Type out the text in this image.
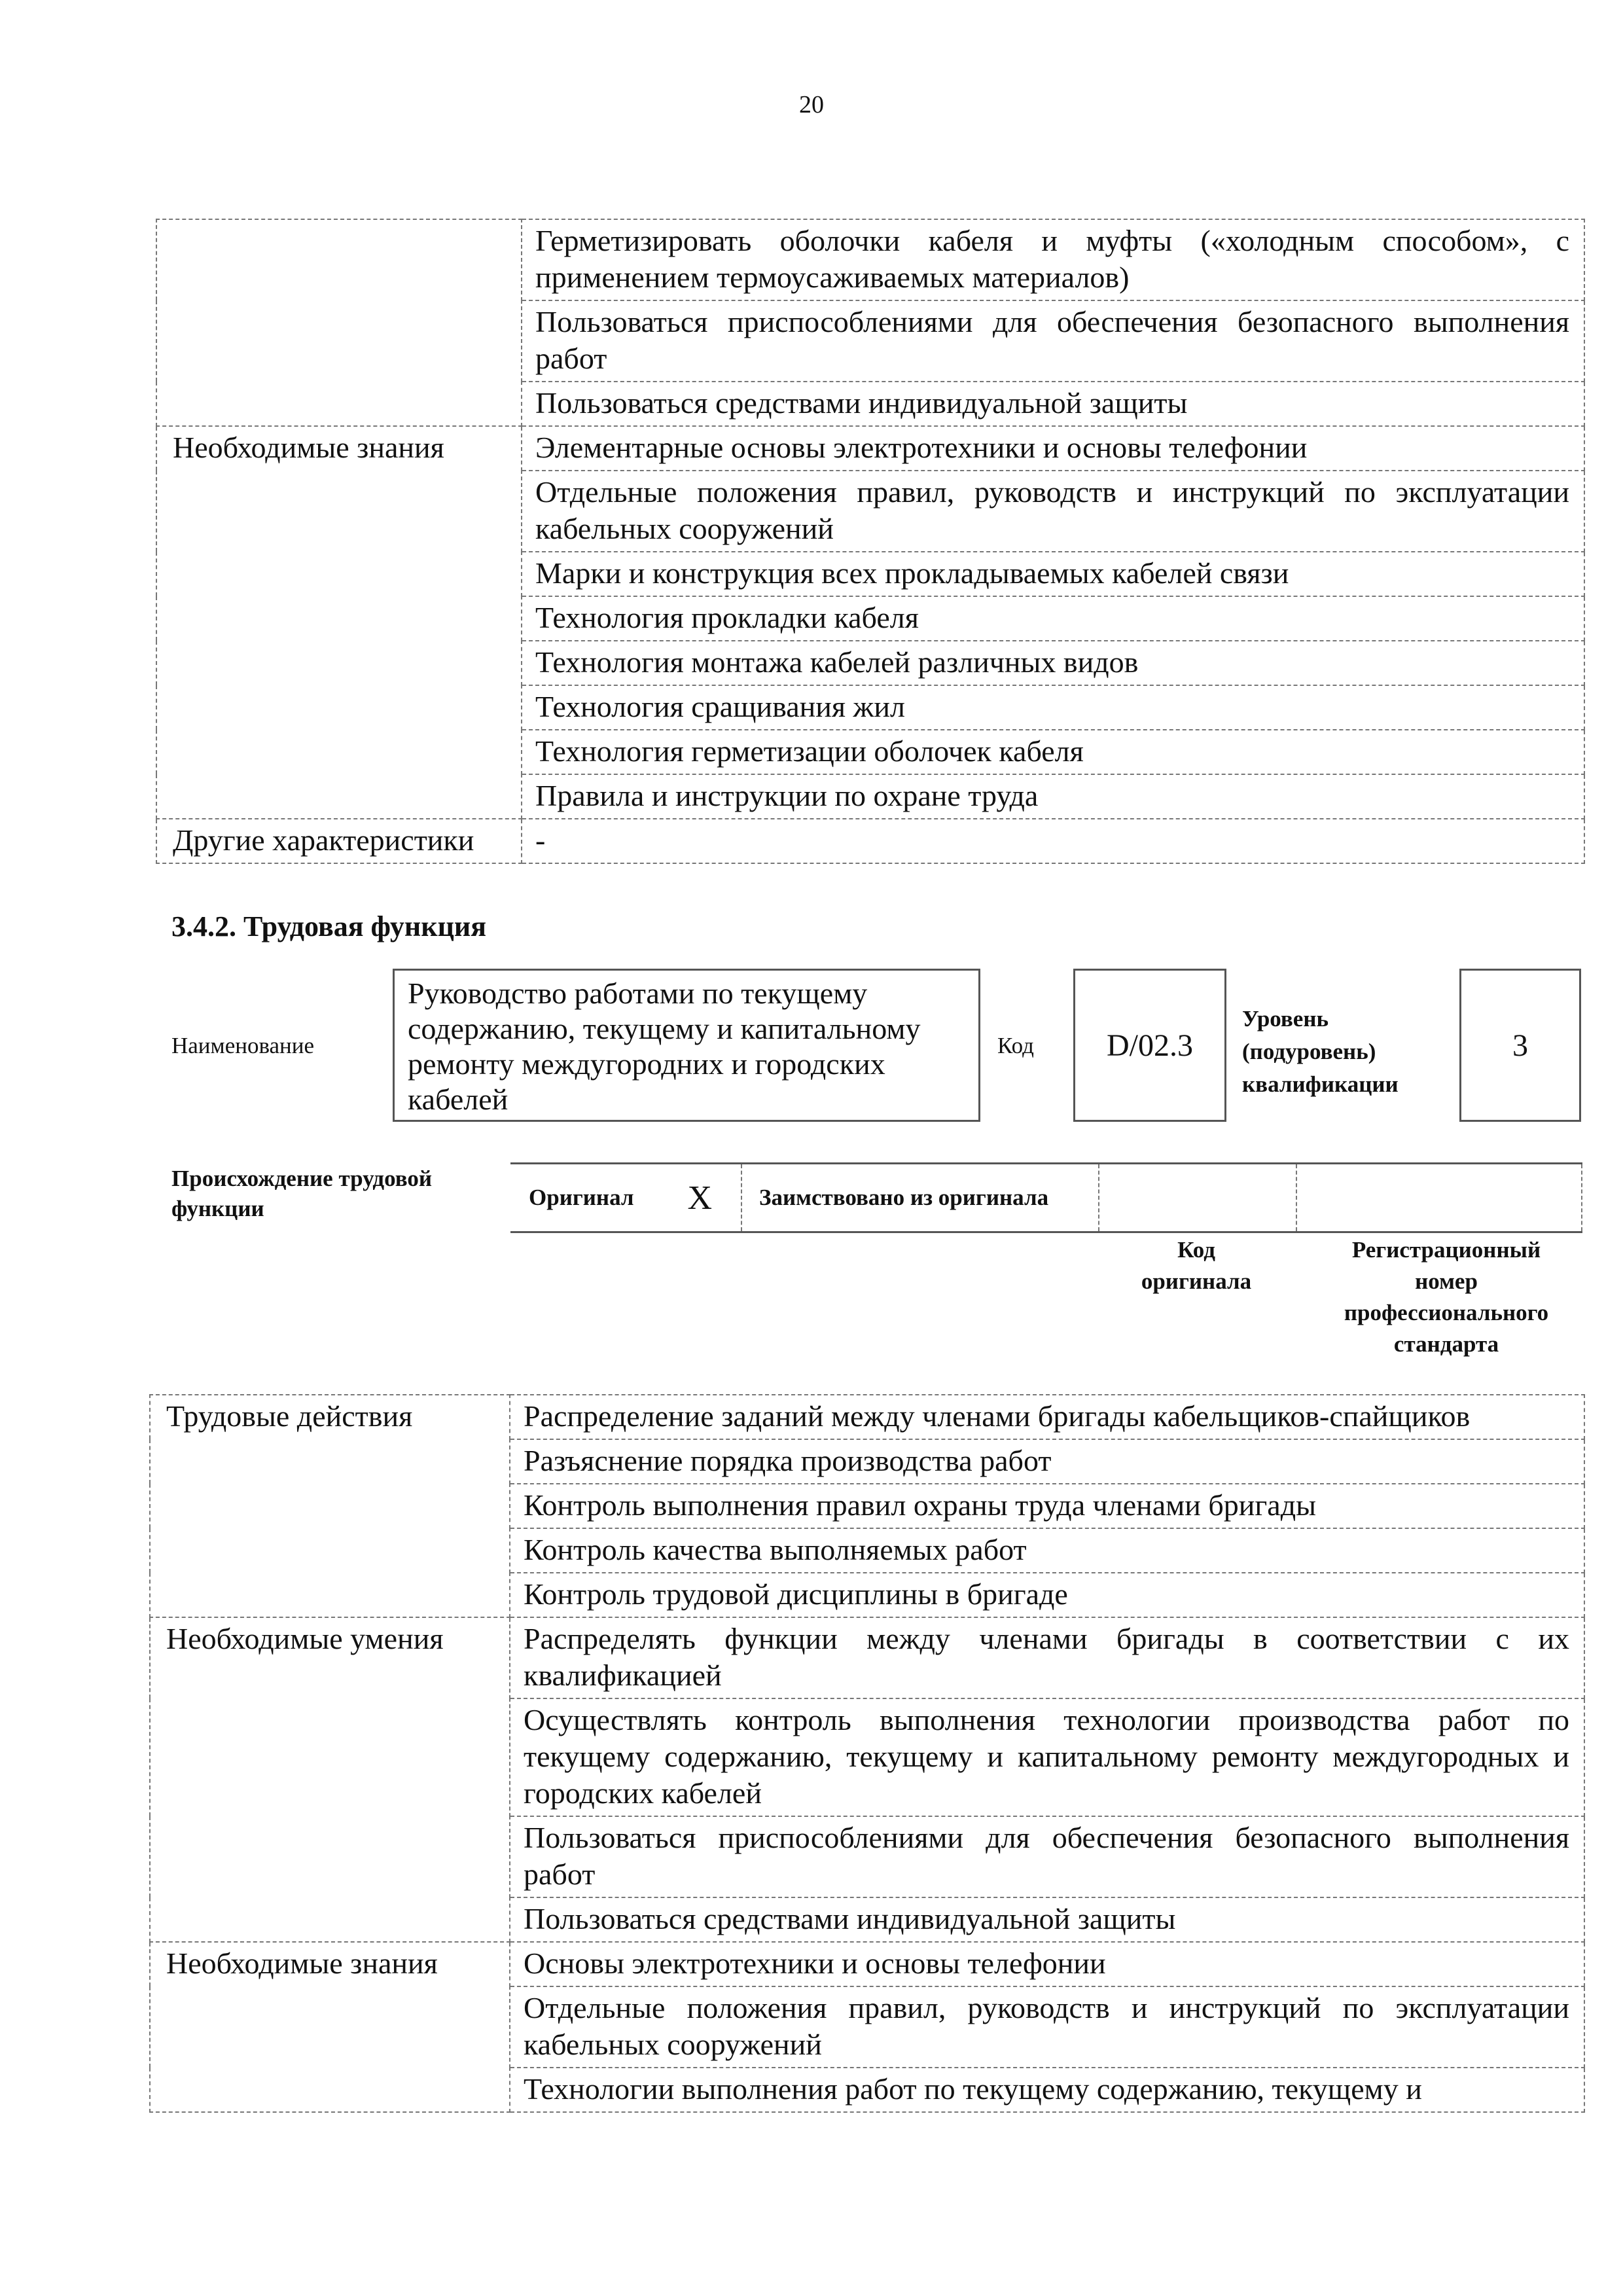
20
	Герметизировать оболочки кабеля и муфты («холодным способом», с применением термоусаживаемых материалов)
	Пользоваться приспособлениями для обеспечения безопасного выполнения работ
	Пользоваться средствами индивидуальной защиты
Необходимые знания	Элементарные основы электротехники и основы телефонии
	Отдельные положения правил, руководств и инструкций по эксплуатации кабельных сооружений
	Марки и конструкция всех прокладываемых кабелей связи
	Технология прокладки кабеля
	Технология монтажа кабелей различных видов
	Технология сращивания жил
	Технология герметизации оболочек кабеля
	Правила и инструкции по охране труда
Другие характеристики	-
3.4.2. Трудовая функция
Наименование
Руководство работами по текущему содержанию, текущему и капитальному ремонту междугородних и городских кабелей
Код D/02.3
Уровень (подуровень) квалификации
3
Происхождение трудовой функции	Оригинал X Заимствовано из оригинала
Код оригинала
Регистрационный номер профессионального стандарта
Трудовые действия	Распределение заданий между членами бригады кабельщиков-спайщиков
	Разъяснение порядка производства работ
	Контроль выполнения правил охраны труда членами бригады
	Контроль качества выполняемых работ
	Контроль трудовой дисциплины в бригаде
Необходимые умения	Распределять функции между членами бригады в соответствии с их квалификацией
	Осуществлять контроль выполнения технологии производства работ по текущему содержанию, текущему и капитальному ремонту междугородных и городских кабелей
	Пользоваться приспособлениями для обеспечения безопасного выполнения работ
	Пользоваться средствами индивидуальной защиты
Необходимые знания	Основы электротехники и основы телефонии
	Отдельные положения правил, руководств и инструкций по эксплуатации кабельных сооружений
	Технологии выполнения работ по текущему содержанию, текущему и
